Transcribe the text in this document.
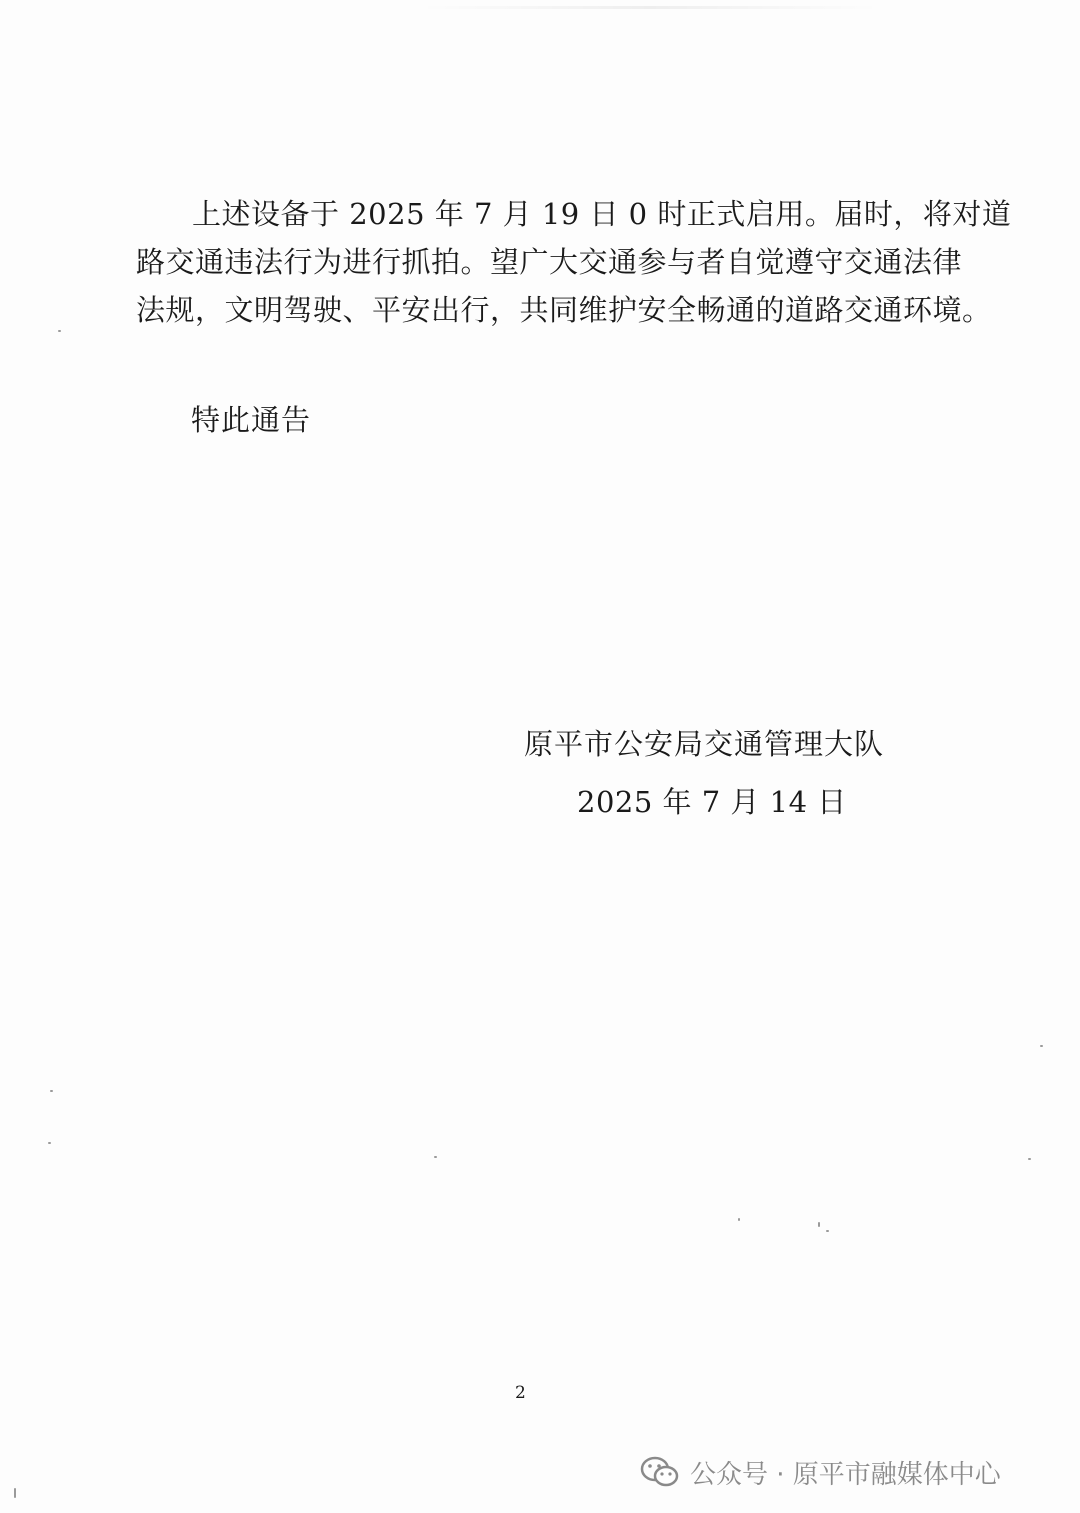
上述设备于 2025 年 7 月 19 日 0 时正式启用。届时，将对道
路交通违法行为进行抓拍。望广大交通参与者自觉遵守交通法律
法规，文明驾驶、平安出行，共同维护安全畅通的道路交通环境。
特此通告
原平市公安局交通管理大队
2025 年 7 月 14 日
2
公众号 · 原平市融媒体中心
